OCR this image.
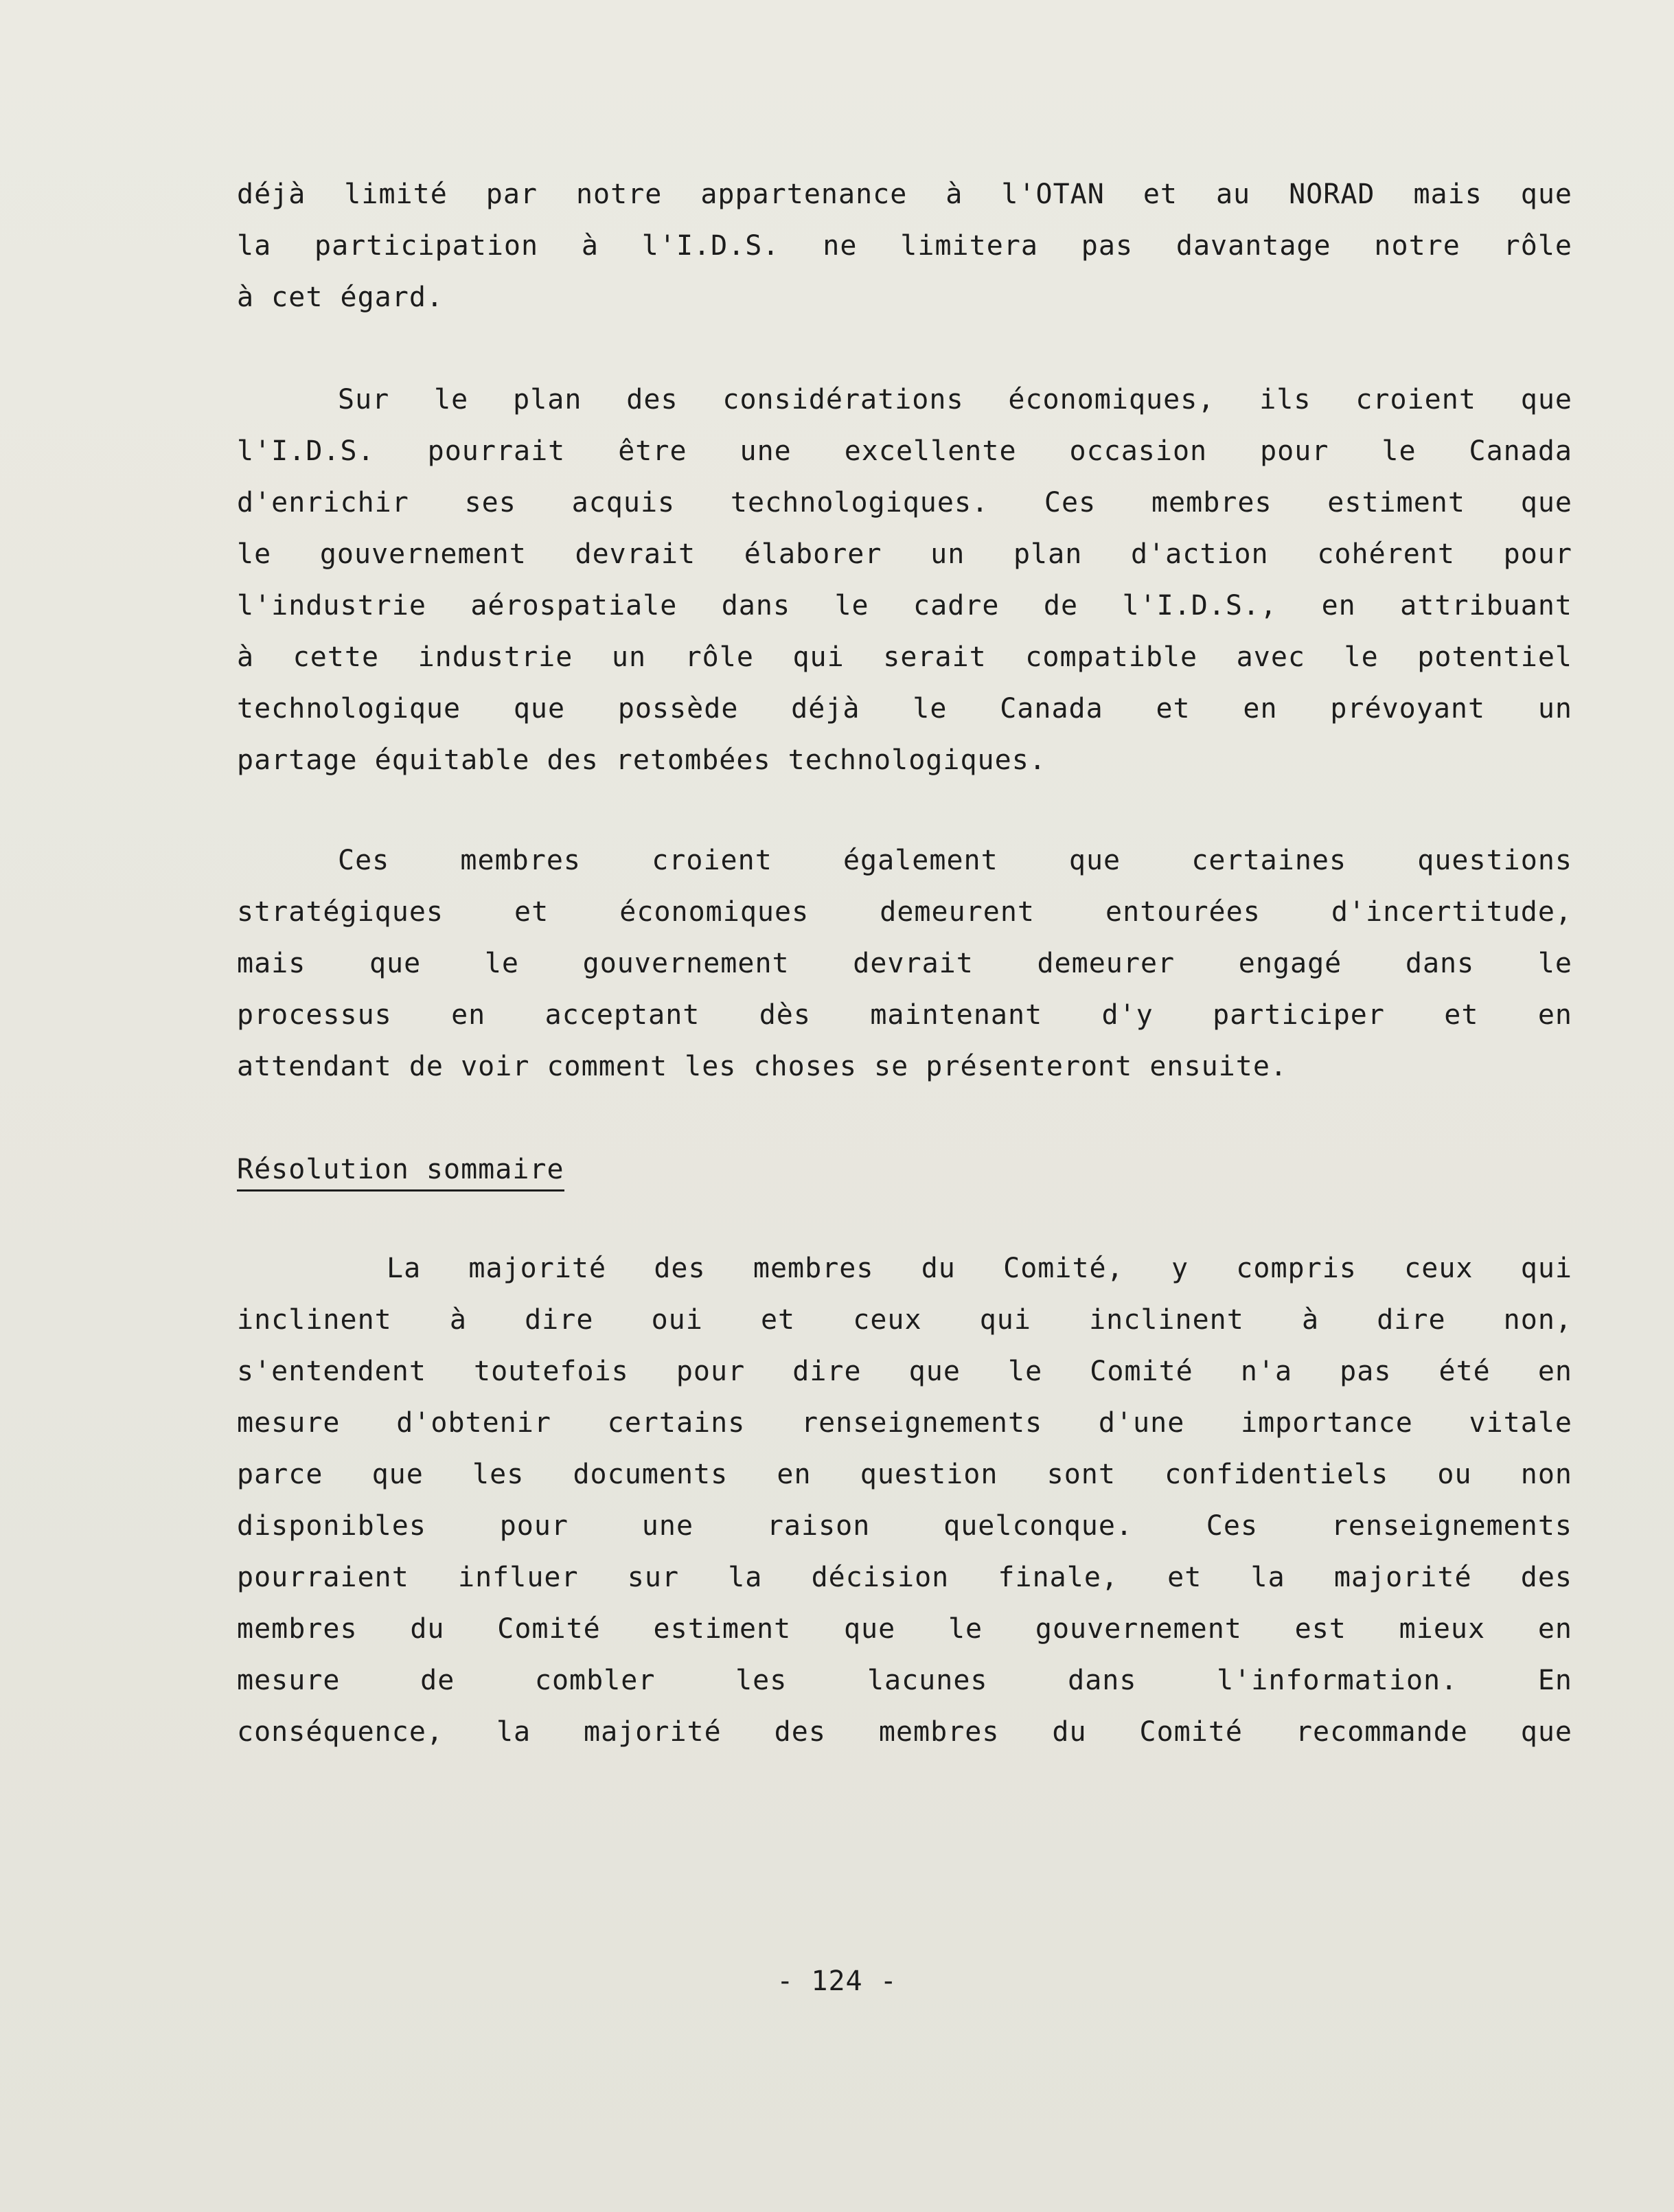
déjà limité par notre appartenance à l'OTAN et au NORAD mais que
la participation à l'I.D.S. ne limitera pas davantage notre rôle
à cet égard.
Sur le plan des considérations économiques, ils croient que
l'I.D.S. pourrait être une excellente occasion pour le Canada
d'enrichir ses acquis technologiques. Ces membres estiment que
le gouvernement devrait élaborer un plan d'action cohérent pour
l'industrie aérospatiale dans le cadre de l'I.D.S., en attribuant
à cette industrie un rôle qui serait compatible avec le potentiel
technologique que possède déjà le Canada et en prévoyant un
partage équitable des retombées technologiques.
Ces membres croient également que certaines questions
stratégiques et économiques demeurent entourées d'incertitude,
mais que le gouvernement devrait demeurer engagé dans le
processus en acceptant dès maintenant d'y participer et en
attendant de voir comment les choses se présenteront ensuite.
Résolution sommaire
La majorité des membres du Comité, y compris ceux qui
inclinent à dire oui et ceux qui inclinent à dire non,
s'entendent toutefois pour dire que le Comité n'a pas été en
mesure d'obtenir certains renseignements d'une importance vitale
parce que les documents en question sont confidentiels ou non
disponibles pour une raison quelconque. Ces renseignements
pourraient influer sur la décision finale, et la majorité des
membres du Comité estiment que le gouvernement est mieux en
mesure de combler les lacunes dans l'information. En
conséquence, la majorité des membres du Comité recommande que
- 124 -
